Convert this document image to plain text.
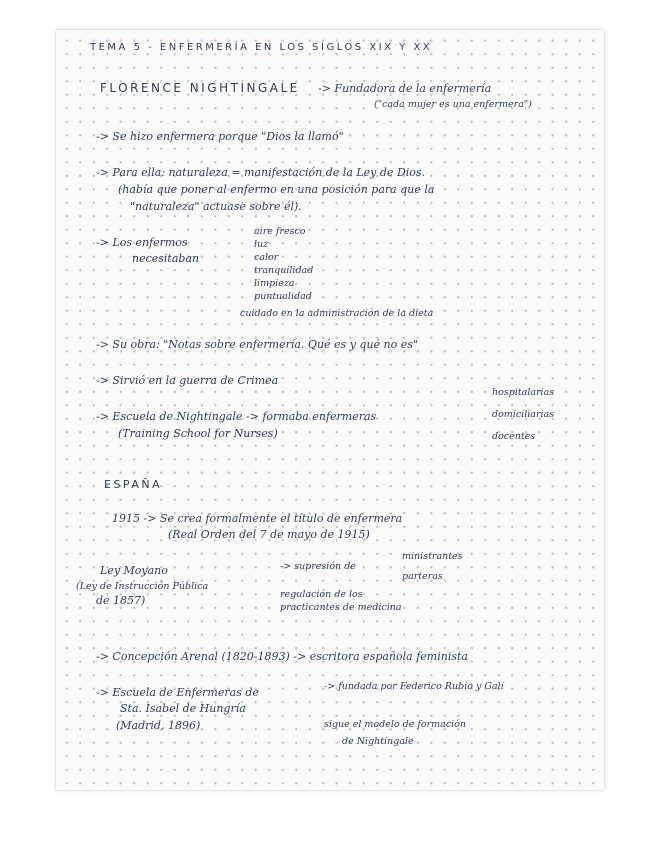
TEMA 5 - ENFERMERÍA EN LOS SIGLOS XIX Y XX

FLORENCE NIGHTINGALE -> Fundadora de la enfermería

("cada mujer es una enfermera")

-> Se hizo enfermera porque "Dios la llamó"

-> Para ella: naturaleza = manifestación de la Ley de Dios.

(había que poner al enfermo en una posición para que la

"naturaleza" actuase sobre él).

-> Los enfermos

necesitaban

aire fresco

luz

calor

tranquilidad

limpieza

puntualidad

cuidado en la administración de la dieta

-> Su obra: "Notas sobre enfermería. Qué es y qué no es"

-> Sirvió en la guerra de Crimea

-> Escuela de Nightingale -> formaba enfermeras

(Training School for Nurses)

hospitalarias

domiciliarias

docentes

ESPAÑA

1915 -> Se crea formalmente el título de enfermera

(Real Orden del 7 de mayo de 1915)

Ley Moyano

(Ley de Instrucción Pública

de 1857)

-> supresión de

ministrantes

parteras

regulación de los

practicantes de medicina

-> Concepción Arenal (1820-1893) -> escritora española feminista

-> Escuela de Enfermeras de

Sta. Isabel de Hungría

(Madrid, 1896)

-> fundada por Federico Rubio y Galí

sigue el modelo de formación

de Nightingale
